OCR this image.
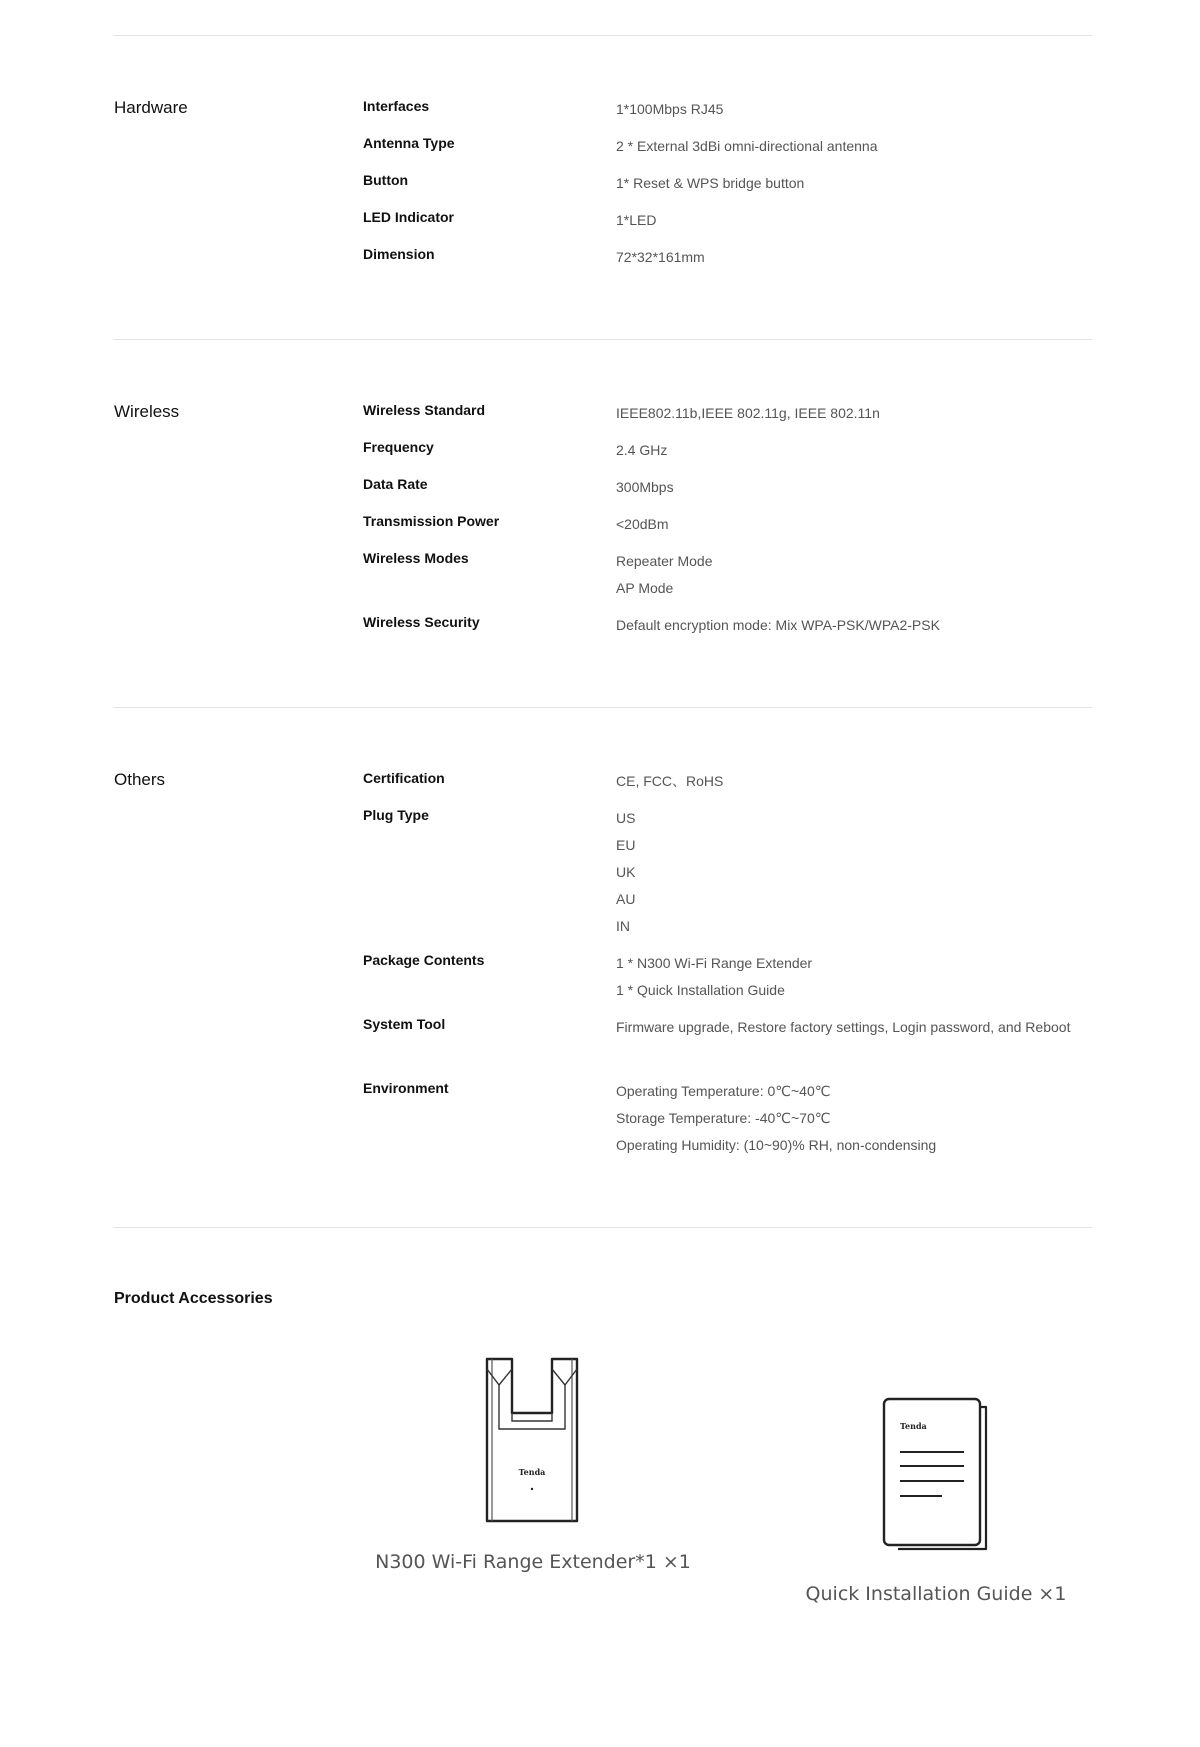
Hardware	Interfaces	1*100Mbps RJ45
Antenna Type	2 * External 3dBi omni-directional antenna
Button	1* Reset & WPS bridge button
LED Indicator	1*LED
Dimension	72*32*161mm
Wireless	Wireless Standard	IEEE802.11b,IEEE 802.11g, IEEE 802.11n
Frequency	2.4 GHz
Data Rate	300Mbps
Transmission Power	<20dBm
Wireless Modes	Repeater Mode
AP Mode
Wireless Security	Default encryption mode: Mix WPA-PSK/WPA2-PSK
Others	Certification	CE, FCC、RoHS
Plug Type	US
EU
UK
AU
IN
Package Contents	1 * N300 Wi-Fi Range Extender
1 * Quick Installation Guide
System Tool	Firmware upgrade, Restore factory settings, Login password, and Reboot
Environment	Operating Temperature: 0℃~40℃
Storage Temperature: -40℃~70℃
Operating Humidity: (10~90)% RH, non-condensing
Product Accessories
Tenda
N300 Wi-Fi Range Extender*1 ×1
Tenda
Quick Installation Guide ×1
